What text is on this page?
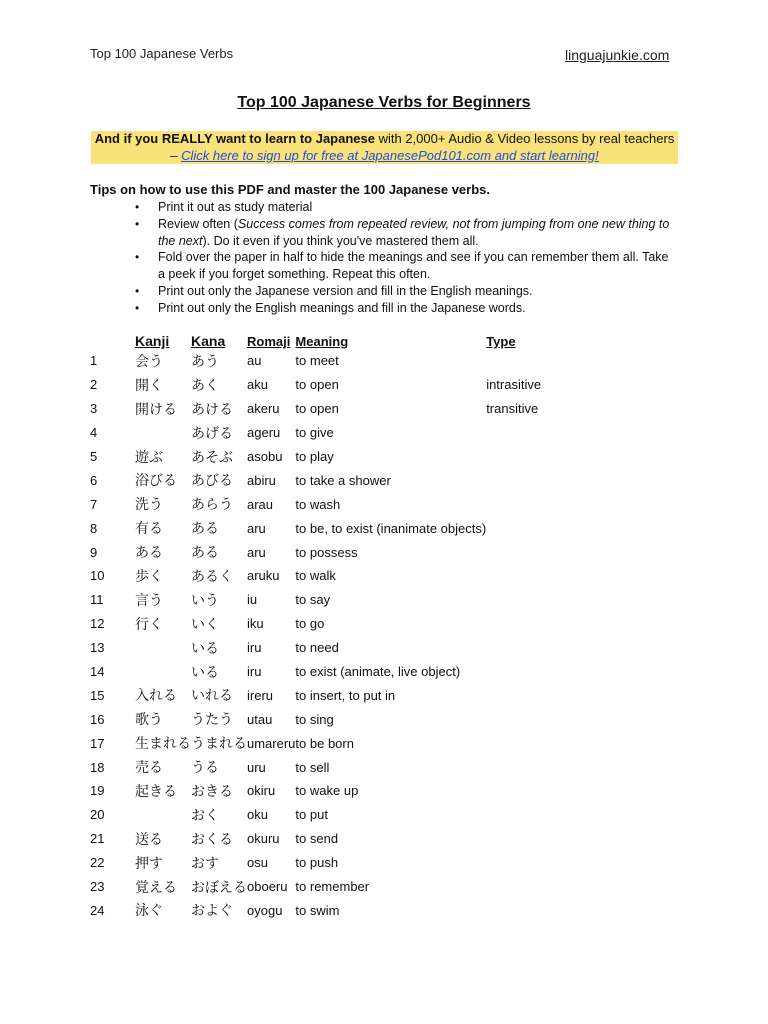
Top 100 Japanese Verbs	linguajunkie.com
Top 100 Japanese Verbs for Beginners
And if you REALLY want to learn to Japanese with 2,000+ Audio & Video lessons by real teachers – Click here to sign up for free at JapanesePod101.com and start learning!
Tips on how to use this PDF and master the 100 Japanese verbs.
• Print it out as study material
• Review often (Success comes from repeated review, not from jumping from one new thing to the next). Do it even if you think you've mastered them all.
• Fold over the paper in half to hide the meanings and see if you can remember them all. Take a peek if you forget something. Repeat this often.
• Print out only the Japanese version and fill in the English meanings.
• Print out only the English meanings and fill in the Japanese words.
	Kanji	Kana	Romaji	Meaning	Type
1	会う	あう	au	to meet	
2	開く	あく	aku	to open	intrasitive
3	開ける	あける	akeru	to open	transitive
4		あげる	ageru	to give	
5	遊ぶ	あそぶ	asobu	to play	
6	浴びる	あびる	abiru	to take a shower	
7	洗う	あらう	arau	to wash	
8	有る	ある	aru	to be, to exist (inanimate objects)	
9	ある	ある	aru	to possess	
10	歩く	あるく	aruku	to walk	
11	言う	いう	iu	to say	
12	行く	いく	iku	to go	
13		いる	iru	to need	
14		いる	iru	to exist (animate, live object)	
15	入れる	いれる	ireru	to insert, to put in	
16	歌う	うたう	utau	to sing	
17	生まれる	うまれる	umareru	to be born	
18	売る	うる	uru	to sell	
19	起きる	おきる	okiru	to wake up	
20		おく	oku	to put	
21	送る	おくる	okuru	to send	
22	押す	おす	osu	to push	
23	覚える	おぼえる	oboeru	to remember	
24	泳ぐ	およぐ	oyogu	to swim	
